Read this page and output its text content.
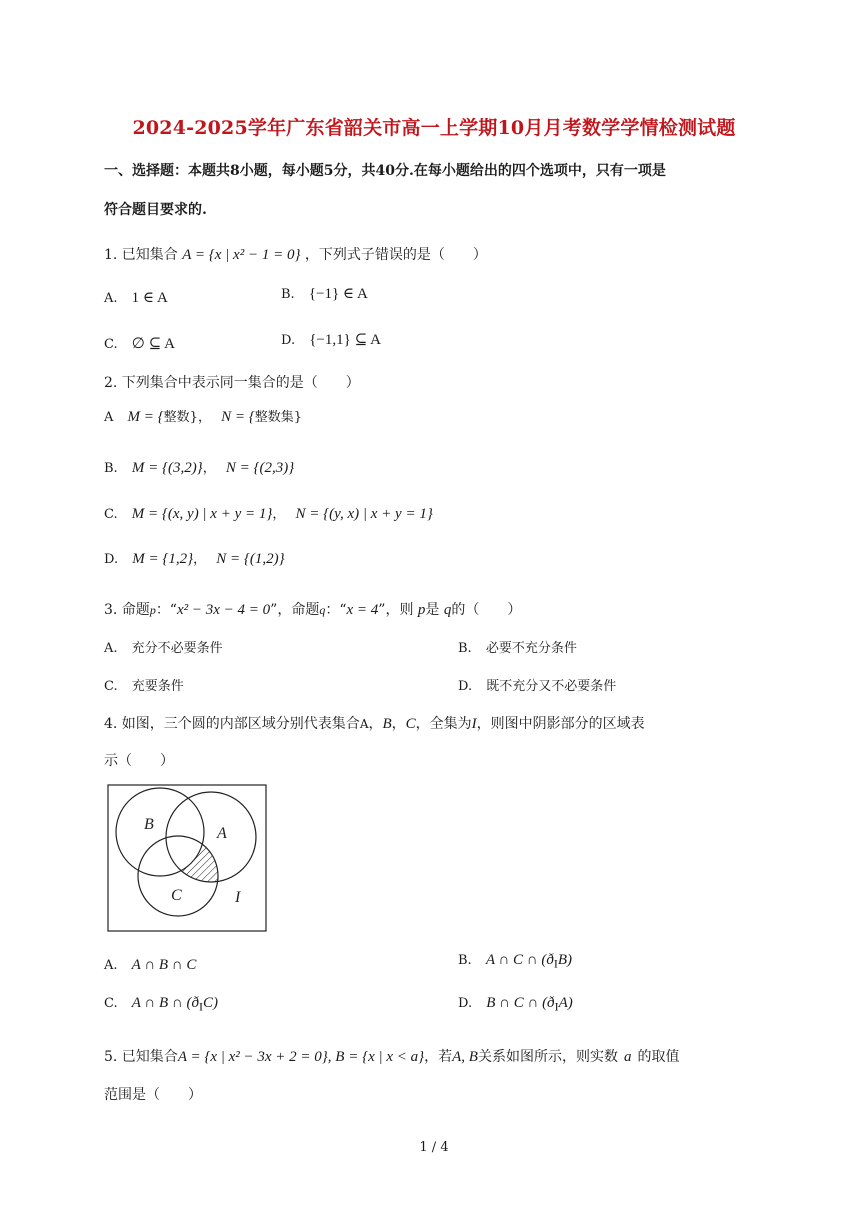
2024-2025学年广东省韶关市高一上学期10月月考数学学情检测试题
一、选择题：本题共8小题，每小题5分，共40分.在每小题给出的四个选项中，只有一项是
符合题目要求的.
1. 已知集合 A = {x | x² − 1 = 0} ，下列式子错误的是（　　）
A. 1 ∈ A	B. {−1} ∈ A
C. ∅ ⊆ A	D. {−1,1} ⊆ A
2. 下列集合中表示同一集合的是（　　）
A M = {整数}， N = {整数集}
B. M = {(3,2)}， N = {(2,3)}
C. M = {(x, y) | x + y = 1}， N = {(y, x) | x + y = 1}
D. M = {1,2}， N = {(1,2)}
3. 命题p：“x² − 3x − 4 = 0”，命题q：“x = 4”，则 p是 q的（　　）
A. 充分不必要条件	B. 必要不充分条件
C. 充要条件	D. 既不充分又不必要条件
4. 如图，三个圆的内部区域分别代表集合A，B，C，全集为I，则图中阴影部分的区域表
示（　　）
B
A
C	I
A. A ∩ B ∩ C	B. A ∩ C ∩ $(ð_IB)$
C. A ∩ B ∩ $(ð_IC)$	D. B ∩ C ∩ $(ð_IA)$
5. 已知集合A = {x | x² − 3x + 2 = 0}, B = {x | x < a}，若A, B关系如图所示，则实数 a 的取值
范围是（　　）
1 / 4
